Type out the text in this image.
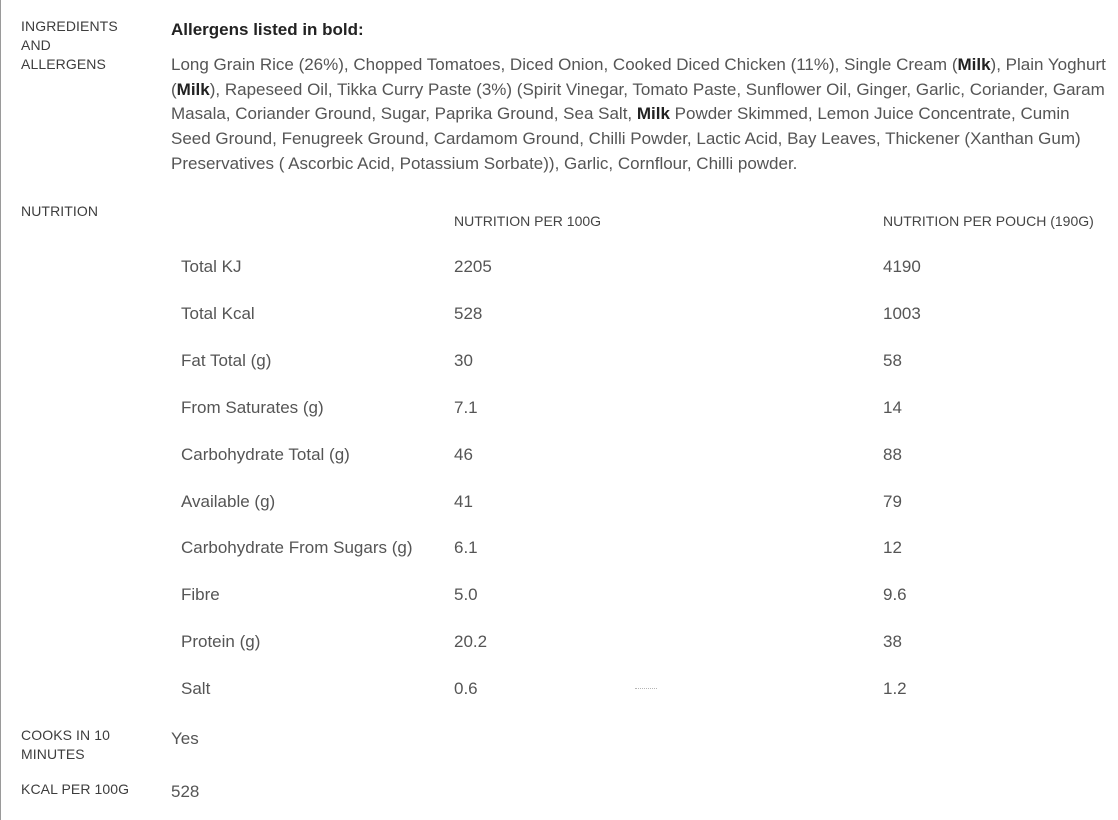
INGREDIENTS
AND
ALLERGENS
Allergens listed in bold:
Long Grain Rice (26%), Chopped Tomatoes, Diced Onion, Cooked Diced Chicken (11%), Single Cream (Milk), Plain Yoghurt
(Milk), Rapeseed Oil, Tikka Curry Paste (3%) (Spirit Vinegar, Tomato Paste, Sunflower Oil, Ginger, Garlic, Coriander, Garam
Masala, Coriander Ground, Sugar, Paprika Ground, Sea Salt, Milk Powder Skimmed, Lemon Juice Concentrate, Cumin
Seed Ground, Fenugreek Ground, Cardamom Ground, Chilli Powder, Lactic Acid, Bay Leaves, Thickener (Xanthan Gum)
Preservatives ( Ascorbic Acid, Potassium Sorbate)), Garlic, Cornflour, Chilli powder.
NUTRITION
NUTRITION PER 100G	NUTRITION PER POUCH (190G)
Total KJ	2205	4190
Total Kcal	528	1003
Fat Total (g)	30	58
From Saturates (g)	7.1	14
Carbohydrate Total (g)	46	88
Available (g)	41	79
Carbohydrate From Sugars (g) 6.1	12
Fibre	5.0	9.6
Protein (g)	20.2	38
Salt	0.6	1.2
COOKS IN 10
MINUTES
Yes
KCAL PER 100G	528
